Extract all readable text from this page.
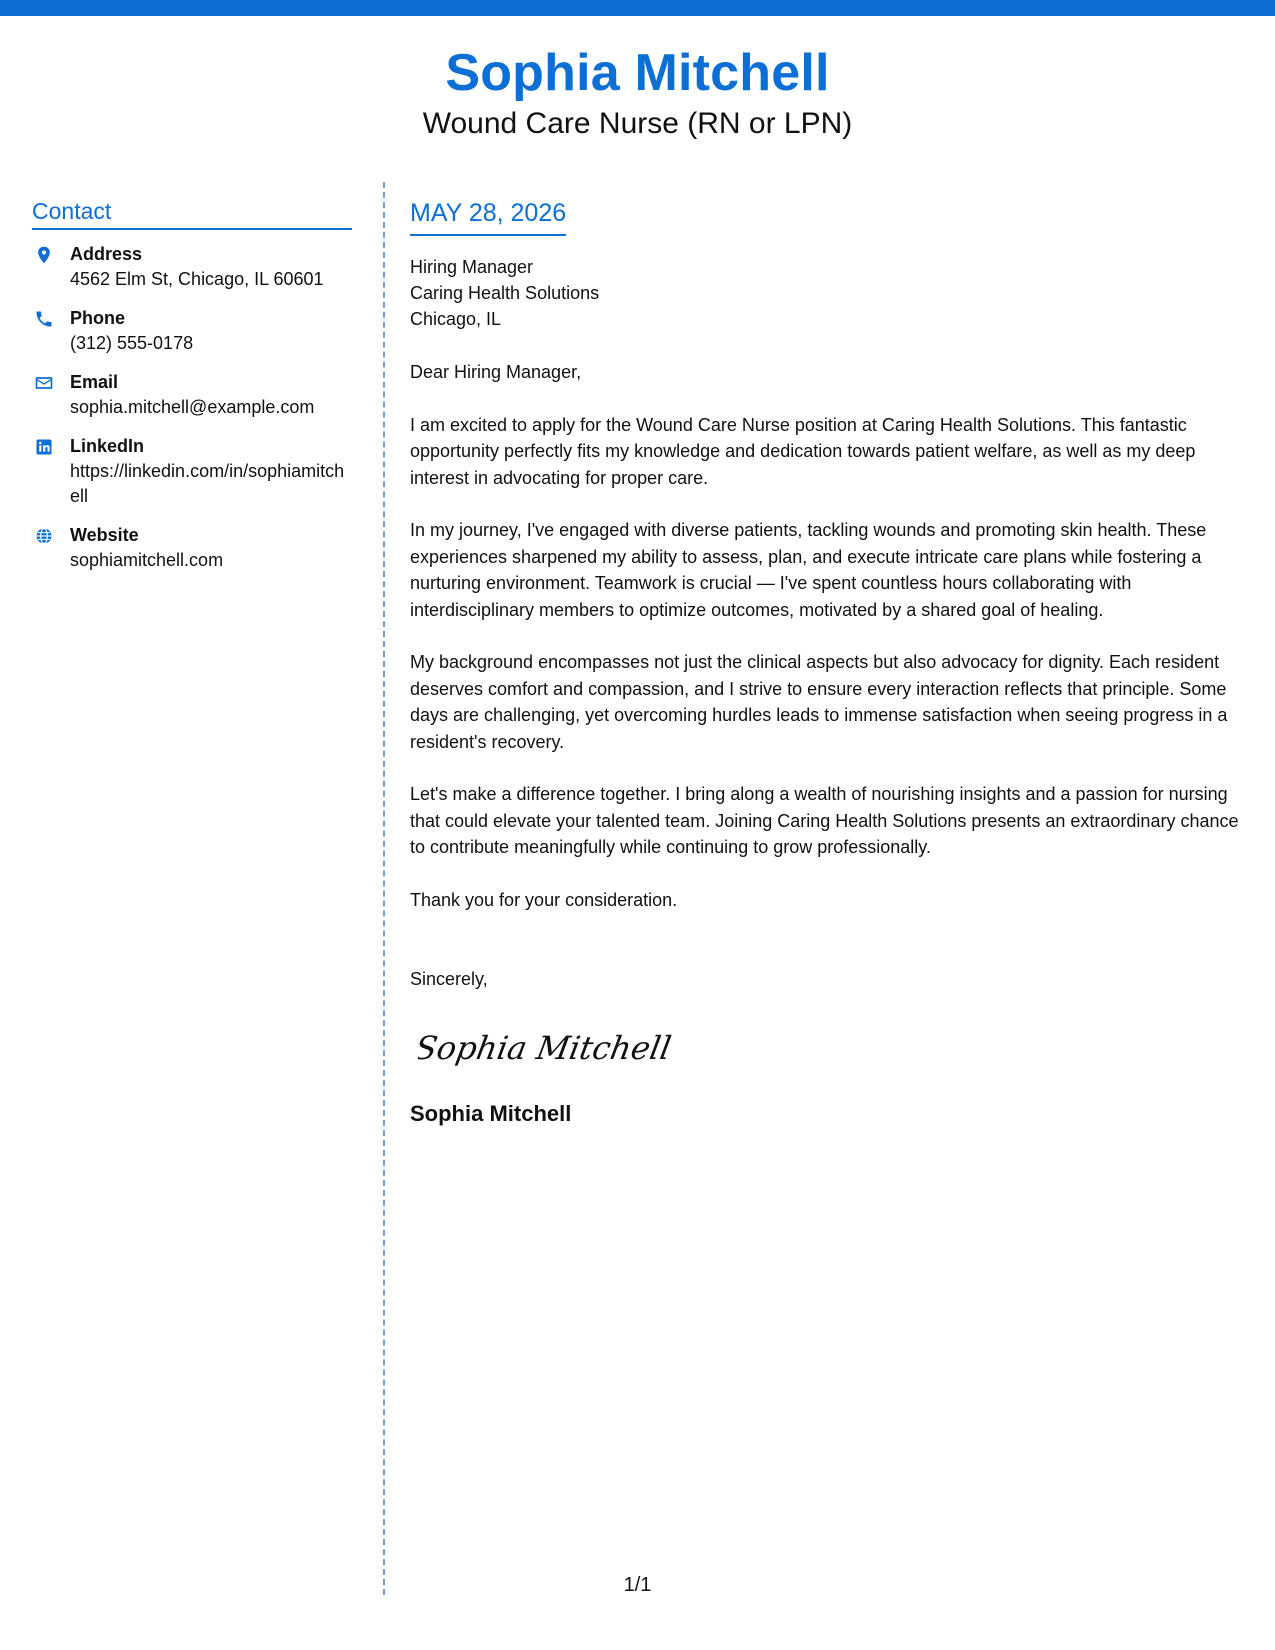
Sophia Mitchell
Wound Care Nurse (RN or LPN)
Contact
Address
4562 Elm St, Chicago, IL 60601
Phone
(312) 555-0178
Email
sophia.mitchell@example.com
LinkedIn
https://linkedin.com/in/sophiamitchell
Website
sophiamitchell.com
MAY 28, 2026
Hiring Manager
Caring Health Solutions
Chicago, IL
Dear Hiring Manager,
I am excited to apply for the Wound Care Nurse position at Caring Health Solutions. This fantastic opportunity perfectly fits my knowledge and dedication towards patient welfare, as well as my deep interest in advocating for proper care.
In my journey, I've engaged with diverse patients, tackling wounds and promoting skin health. These experiences sharpened my ability to assess, plan, and execute intricate care plans while fostering a nurturing environment. Teamwork is crucial — I've spent countless hours collaborating with interdisciplinary members to optimize outcomes, motivated by a shared goal of healing.
My background encompasses not just the clinical aspects but also advocacy for dignity. Each resident deserves comfort and compassion, and I strive to ensure every interaction reflects that principle. Some days are challenging, yet overcoming hurdles leads to immense satisfaction when seeing progress in a resident's recovery.
Let's make a difference together. I bring along a wealth of nourishing insights and a passion for nursing that could elevate your talented team. Joining Caring Health Solutions presents an extraordinary chance to contribute meaningfully while continuing to grow professionally.
Thank you for your consideration.
Sincerely,
Sophia Mitchell
Sophia Mitchell
1/1
